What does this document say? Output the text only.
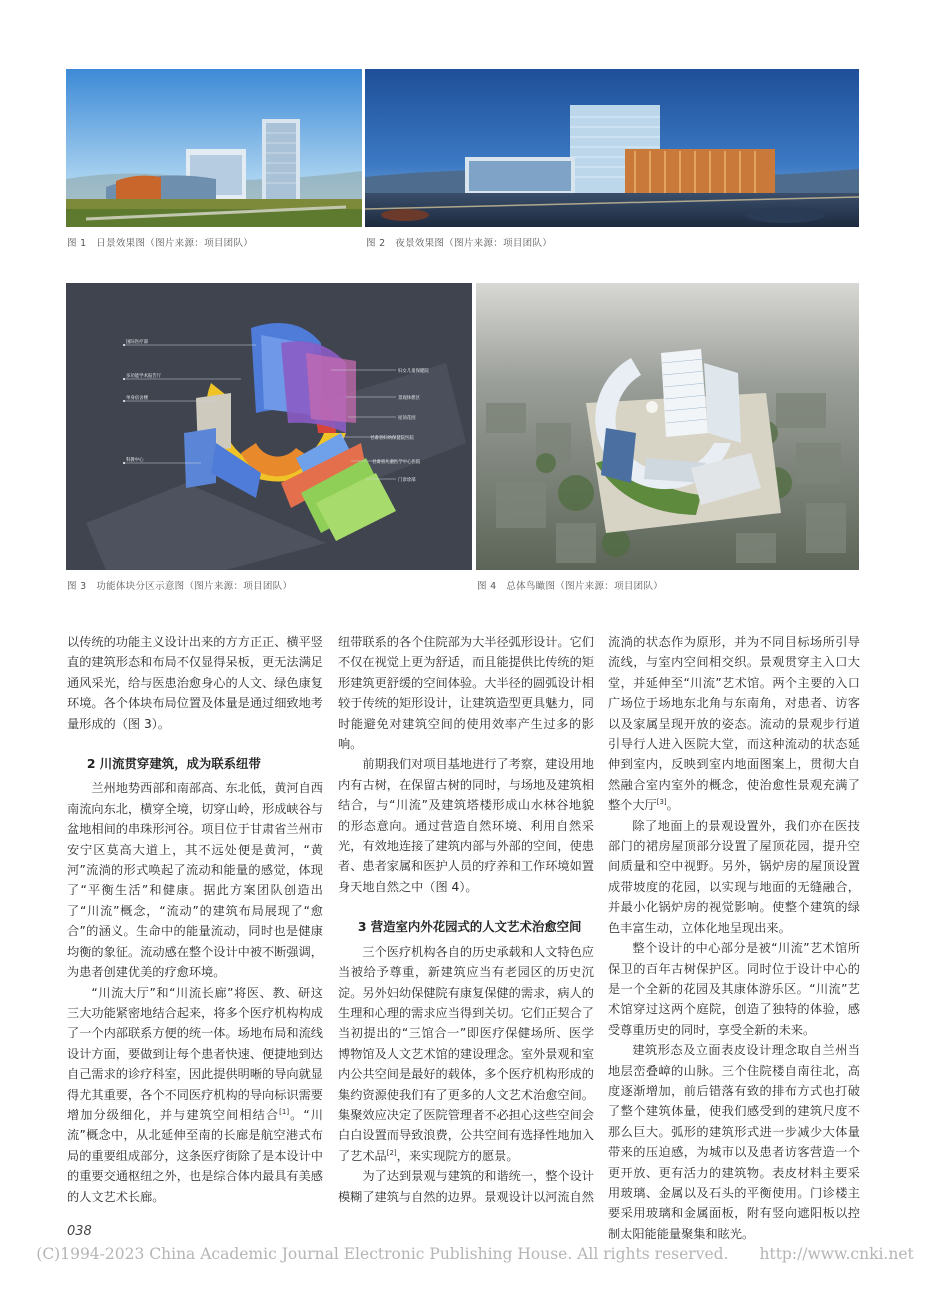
图 1　日景效果图（图片来源：项目团队）	图 2　夜景效果图（图片来源：项目团队）
国际医疗部
多功能学术报告厅
单身宿舍楼
科教中心
妇女儿童保健院
景观休憩区
屋顶花园
甘肃省妇幼保健院医院
甘肃省儿童医学中心医院
门诊诊部
图 3　功能体块分区示意图（图片来源：项目团队）	图 4　总体鸟瞰图（图片来源：项目团队）

以传统的功能主义设计出来的方方正正、横平竖直的建筑形态和布局不仅显得呆板，更无法满足通风采光，给与医患治愈身心的人文、绿色康复环境。各个体块布局位置及体量是通过细致地考量形成的（图 3）。

2 川流贯穿建筑，成为联系纽带

兰州地势西部和南部高、东北低，黄河自西南流向东北，横穿全境，切穿山岭，形成峡谷与盆地相间的串珠形河谷。项目位于甘肃省兰州市安宁区莫高大道上，其不远处便是黄河，“黄河”流淌的形式唤起了流动和能量的感觉，体现了“平衡生活”和健康。据此方案团队创造出了“川流”概念，“流动”的建筑布局展现了“愈合”的涵义。生命中的能量流动，同时也是健康均衡的象征。流动感在整个设计中被不断强调，为患者创建优美的疗愈环境。

“川流大厅”和“川流长廊”将医、教、研这三大功能紧密地结合起来，将多个医疗机构构成了一个内部联系方便的统一体。场地布局和流线设计方面，要做到让每个患者快速、便捷地到达自己需求的诊疗科室，因此提供明晰的导向就显得尤其重要，各个不同医疗机构的导向标识需要增加分级细化，并与建筑空间相结合[1]。“川流”概念中，从北延伸至南的长廊是航空港式布局的重要组成部分，这条医疗街除了是本设计中的重要交通枢纽之外，也是综合体内最具有美感的人文艺术长廊。

纽带联系的各个住院部为大半径弧形设计。它们不仅在视觉上更为舒适，而且能提供比传统的矩形建筑更舒缓的空间体验。大半径的圆弧设计相较于传统的矩形设计，让建筑造型更具魅力，同时能避免对建筑空间的使用效率产生过多的影响。

前期我们对项目基地进行了考察，建设用地内有古树，在保留古树的同时，与场地及建筑相结合，与“川流”及建筑塔楼形成山水林谷地貌的形态意向。通过营造自然环境、利用自然采光，有效地连接了建筑内部与外部的空间，使患者、患者家属和医护人员的疗养和工作环境如置身天地自然之中（图 4）。

3 营造室内外花园式的人文艺术治愈空间

三个医疗机构各自的历史承载和人文特色应当被给予尊重，新建筑应当有老园区的历史沉淀。另外妇幼保健院有康复保健的需求，病人的生理和心理的需求应当得到关切。它们正契合了当初提出的“三馆合一”即医疗保健场所、医学博物馆及人文艺术馆的建设理念。室外景观和室内公共空间是最好的载体，多个医疗机构形成的集约资源使我们有了更多的人文艺术治愈空间。集聚效应决定了医院管理者不必担心这些空间会白白设置而导致浪费，公共空间有选择性地加入了艺术品[2]，来实现院方的愿景。

为了达到景观与建筑的和谐统一，整个设计模糊了建筑与自然的边界。景观设计以河流自然

流淌的状态作为原形，并为不同目标场所引导流线，与室内空间相交织。景观贯穿主入口大堂，并延伸至“川流”艺术馆。两个主要的入口广场位于场地东北角与东南角，对患者、访客以及家属呈现开放的姿态。流动的景观步行道引导行人进入医院大堂，而这种流动的状态延伸到室内，反映到室内地面图案上，贯彻大自然融合室内室外的概念，使治愈性景观充满了整个大厅[3]。

除了地面上的景观设置外，我们亦在医技部门的裙房屋顶部分设置了屋顶花园，提升空间质量和空中视野。另外，锅炉房的屋顶设置成带坡度的花园，以实现与地面的无缝融合，并最小化锅炉房的视觉影响。使整个建筑的绿色丰富生动，立体化地呈现出来。

整个设计的中心部分是被“川流”艺术馆所保卫的百年古树保护区。同时位于设计中心的是一个全新的花园及其康体游乐区。“川流”艺术馆穿过这两个庭院，创造了独特的体验，感受尊重历史的同时，享受全新的未来。

建筑形态及立面表皮设计理念取自兰州当地层峦叠嶂的山脉。三个住院楼自南往北，高度逐渐增加，前后错落有致的排布方式也打破了整个建筑体量，使我们感受到的建筑尺度不那么巨大。弧形的建筑形式进一步减少大体量带来的压迫感，为城市以及患者访客营造一个更开放、更有活力的建筑物。表皮材料主要采用玻璃、金属以及石头的平衡使用。门诊楼主要采用玻璃和金属面板，附有竖向遮阳板以控制太阳能能量聚集和眩光。

038
(C)1994-2023 China Academic Journal Electronic Publishing House. All rights reserved.　　http://www.cnki.net
